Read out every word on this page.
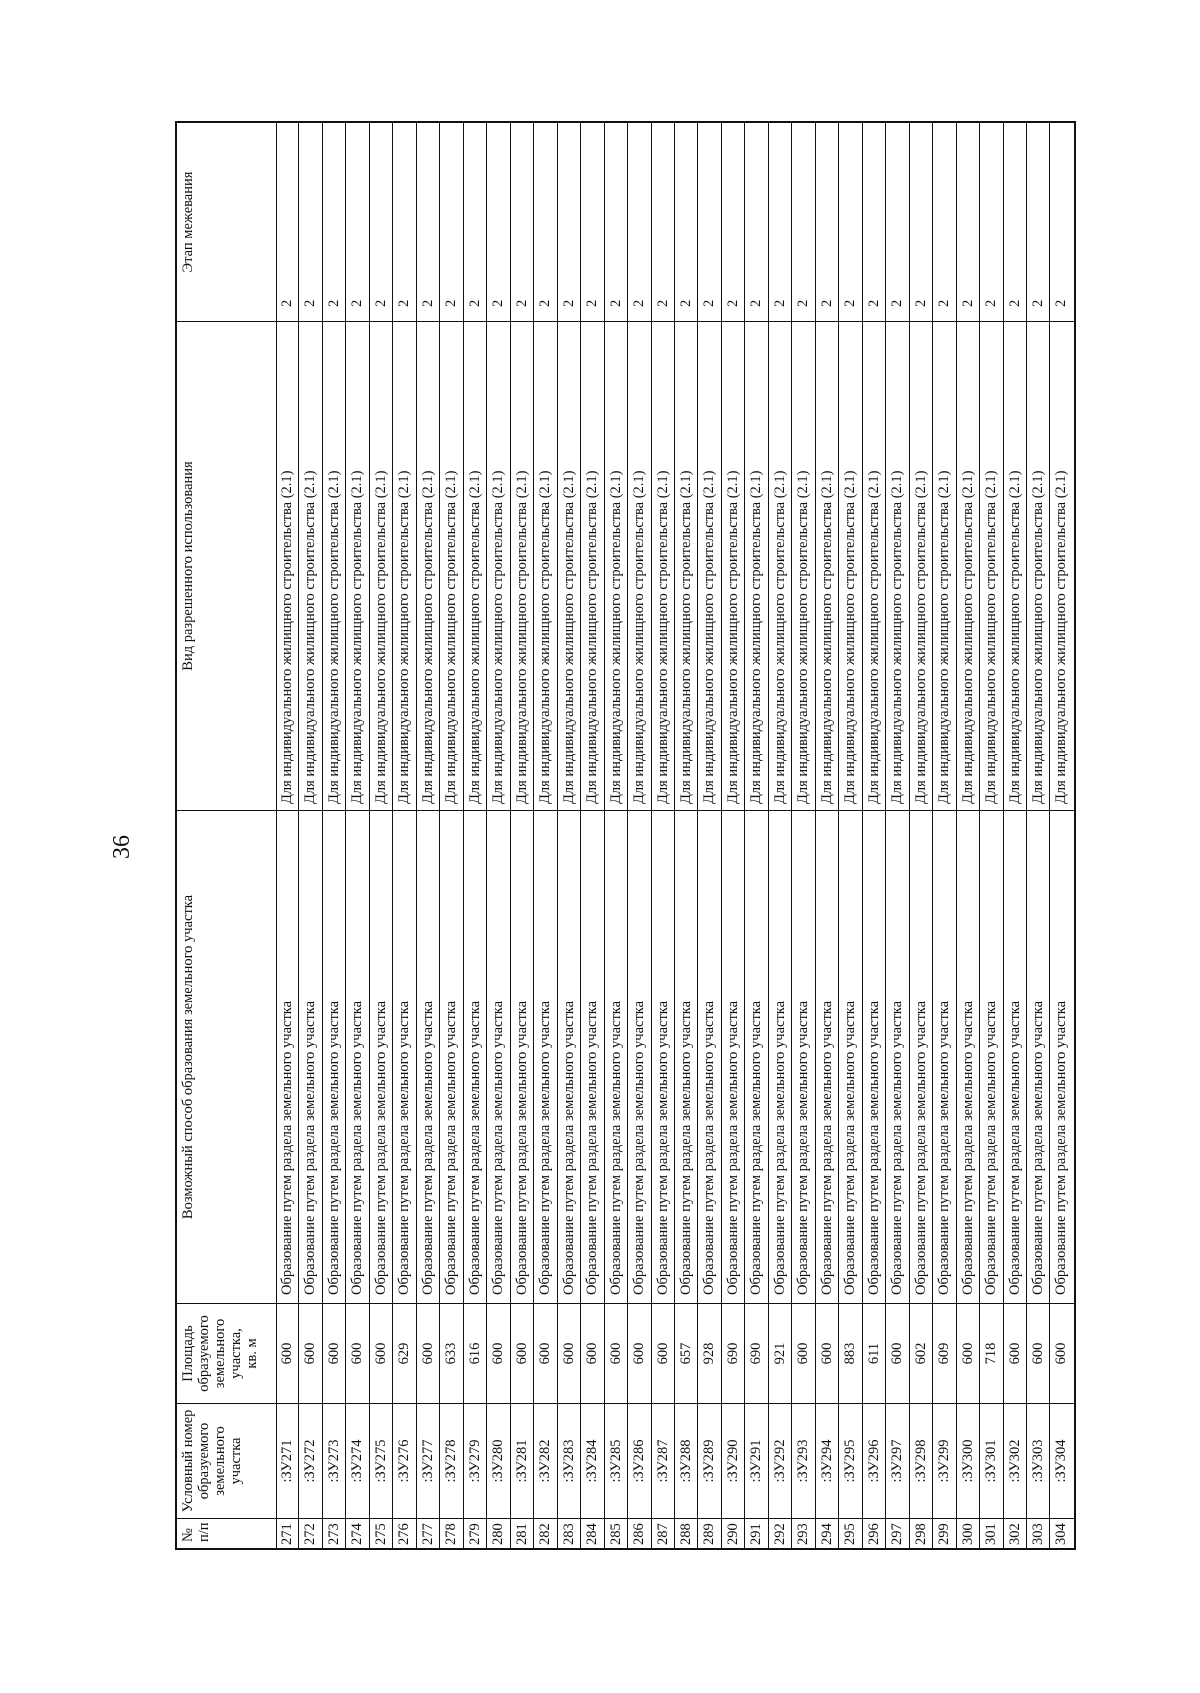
36
№
п/п
Условный номер
образуемого
земельного
участка
Площадь
образуемого
земельного
участка,
кв. м
Возможный способ образования земельного участка
Вид разрешенного использования
Этап межевания
271
:ЗУ271
600
Образование путем раздела земельного участка
Для индивидуального жилищного строительства (2.1)
2
272
:ЗУ272
600
Образование путем раздела земельного участка
Для индивидуального жилищного строительства (2.1)
2
273
:ЗУ273
600
Образование путем раздела земельного участка
Для индивидуального жилищного строительства (2.1)
2
274
:ЗУ274
600
Образование путем раздела земельного участка
Для индивидуального жилищного строительства (2.1)
2
275
:ЗУ275
600
Образование путем раздела земельного участка
Для индивидуального жилищного строительства (2.1)
2
276
:ЗУ276
629
Образование путем раздела земельного участка
Для индивидуального жилищного строительства (2.1)
2
277
:ЗУ277
600
Образование путем раздела земельного участка
Для индивидуального жилищного строительства (2.1)
2
278
:ЗУ278
633
Образование путем раздела земельного участка
Для индивидуального жилищного строительства (2.1)
2
279
:ЗУ279
616
Образование путем раздела земельного участка
Для индивидуального жилищного строительства (2.1)
2
280
:ЗУ280
600
Образование путем раздела земельного участка
Для индивидуального жилищного строительства (2.1)
2
281
:ЗУ281
600
Образование путем раздела земельного участка
Для индивидуального жилищного строительства (2.1)
2
282
:ЗУ282
600
Образование путем раздела земельного участка
Для индивидуального жилищного строительства (2.1)
2
283
:ЗУ283
600
Образование путем раздела земельного участка
Для индивидуального жилищного строительства (2.1)
2
284
:ЗУ284
600
Образование путем раздела земельного участка
Для индивидуального жилищного строительства (2.1)
2
285
:ЗУ285
600
Образование путем раздела земельного участка
Для индивидуального жилищного строительства (2.1)
2
286
:ЗУ286
600
Образование путем раздела земельного участка
Для индивидуального жилищного строительства (2.1)
2
287
:ЗУ287
600
Образование путем раздела земельного участка
Для индивидуального жилищного строительства (2.1)
2
288
:ЗУ288
657
Образование путем раздела земельного участка
Для индивидуального жилищного строительства (2.1)
2
289
:ЗУ289
928
Образование путем раздела земельного участка
Для индивидуального жилищного строительства (2.1)
2
290
:ЗУ290
690
Образование путем раздела земельного участка
Для индивидуального жилищного строительства (2.1)
2
291
:ЗУ291
690
Образование путем раздела земельного участка
Для индивидуального жилищного строительства (2.1)
2
292
:ЗУ292
921
Образование путем раздела земельного участка
Для индивидуального жилищного строительства (2.1)
2
293
:ЗУ293
600
Образование путем раздела земельного участка
Для индивидуального жилищного строительства (2.1)
2
294
:ЗУ294
600
Образование путем раздела земельного участка
Для индивидуального жилищного строительства (2.1)
2
295
:ЗУ295
883
Образование путем раздела земельного участка
Для индивидуального жилищного строительства (2.1)
2
296
:ЗУ296
611
Образование путем раздела земельного участка
Для индивидуального жилищного строительства (2.1)
2
297
:ЗУ297
600
Образование путем раздела земельного участка
Для индивидуального жилищного строительства (2.1)
2
298
:ЗУ298
602
Образование путем раздела земельного участка
Для индивидуального жилищного строительства (2.1)
2
299
:ЗУ299
609
Образование путем раздела земельного участка
Для индивидуального жилищного строительства (2.1)
2
300
:ЗУ300
600
Образование путем раздела земельного участка
Для индивидуального жилищного строительства (2.1)
2
301
:ЗУ301
718
Образование путем раздела земельного участка
Для индивидуального жилищного строительства (2.1)
2
302
:ЗУ302
600
Образование путем раздела земельного участка
Для индивидуального жилищного строительства (2.1)
2
303
:ЗУ303
600
Образование путем раздела земельного участка
Для индивидуального жилищного строительства (2.1)
2
304
:ЗУ304
600
Образование путем раздела земельного участка
Для индивидуального жилищного строительства (2.1)
2
